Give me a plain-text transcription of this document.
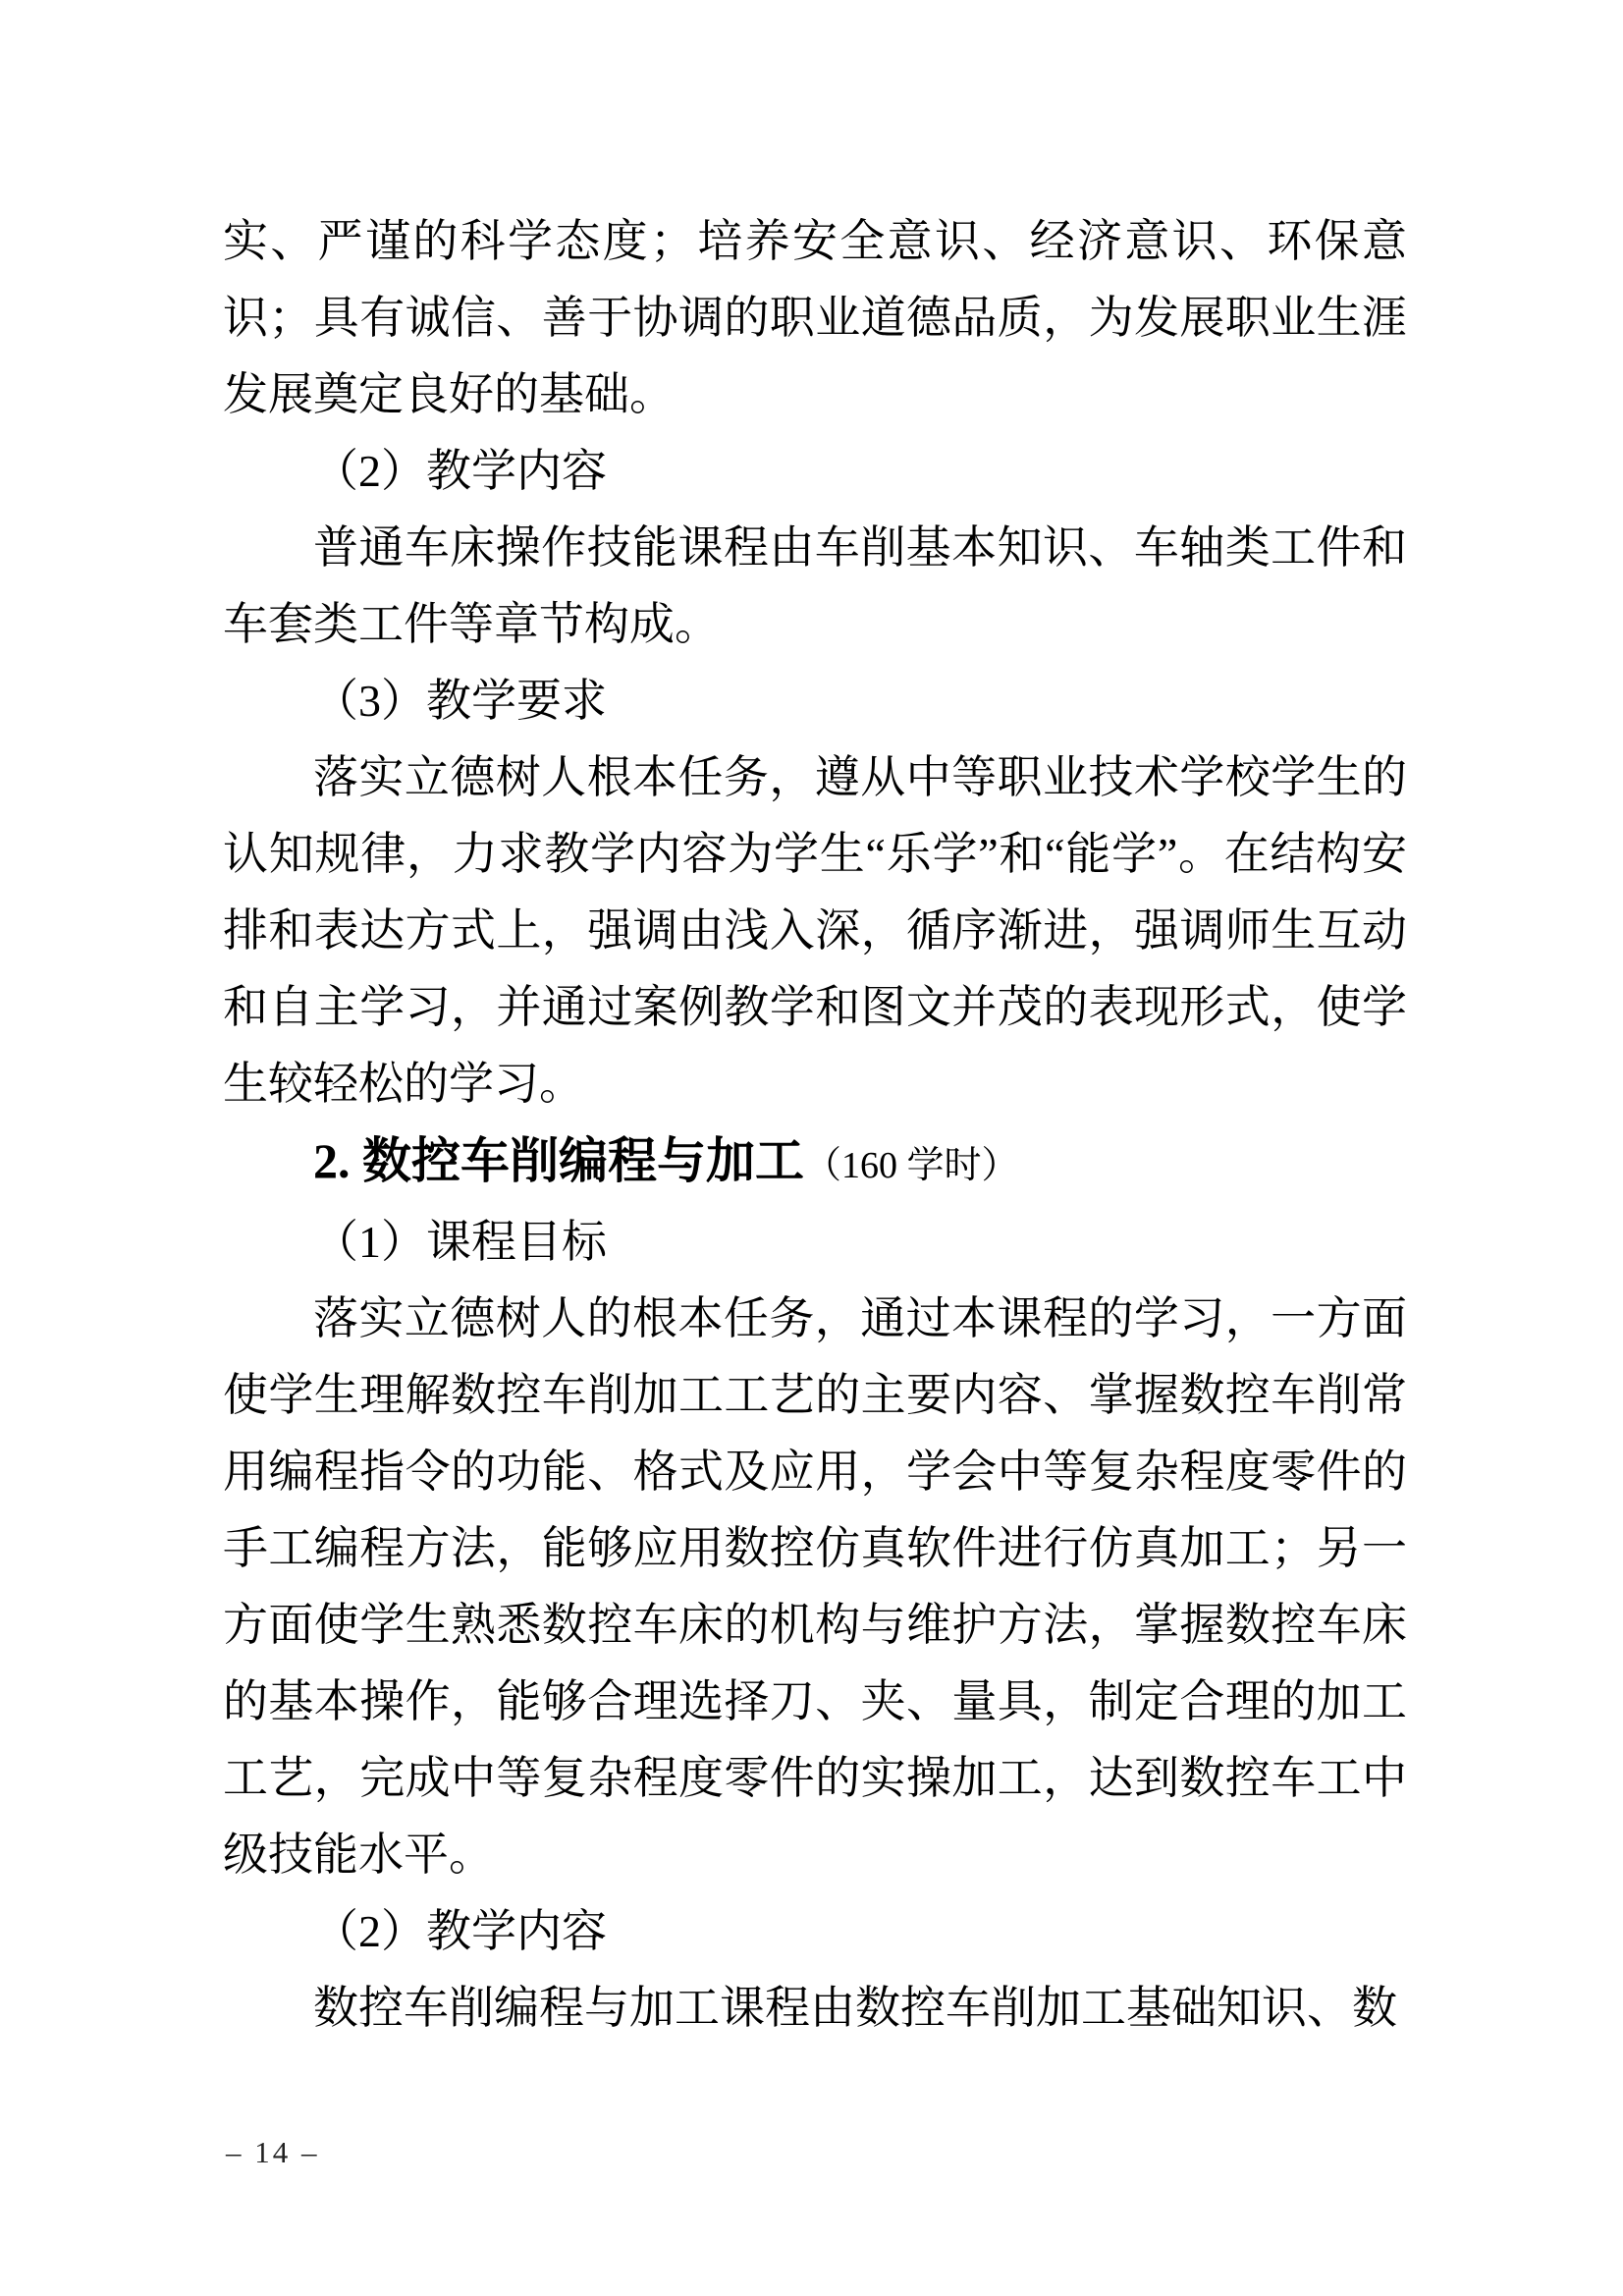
实、严谨的科学态度；培养安全意识、经济意识、环保意识；具有诚信、善于协调的职业道德品质，为发展职业生涯发展奠定良好的基础。

（2）教学内容

普通车床操作技能课程由车削基本知识、车轴类工件和车套类工件等章节构成。

（3）教学要求

落实立德树人根本任务，遵从中等职业技术学校学生的认知规律，力求教学内容为学生“乐学”和“能学”。在结构安排和表达方式上，强调由浅入深，循序渐进，强调师生互动和自主学习，并通过案例教学和图文并茂的表现形式，使学生较轻松的学习。

2. 数控车削编程与加工（160 学时）

（1）课程目标

落实立德树人的根本任务，通过本课程的学习，一方面使学生理解数控车削加工工艺的主要内容、掌握数控车削常用编程指令的功能、格式及应用，学会中等复杂程度零件的手工编程方法，能够应用数控仿真软件进行仿真加工；另一方面使学生熟悉数控车床的机构与维护方法，掌握数控车床的基本操作，能够合理选择刀、夹、量具，制定合理的加工工艺，完成中等复杂程度零件的实操加工，达到数控车工中级技能水平。

（2）教学内容

数控车削编程与加工课程由数控车削加工基础知识、数

– 14 –
